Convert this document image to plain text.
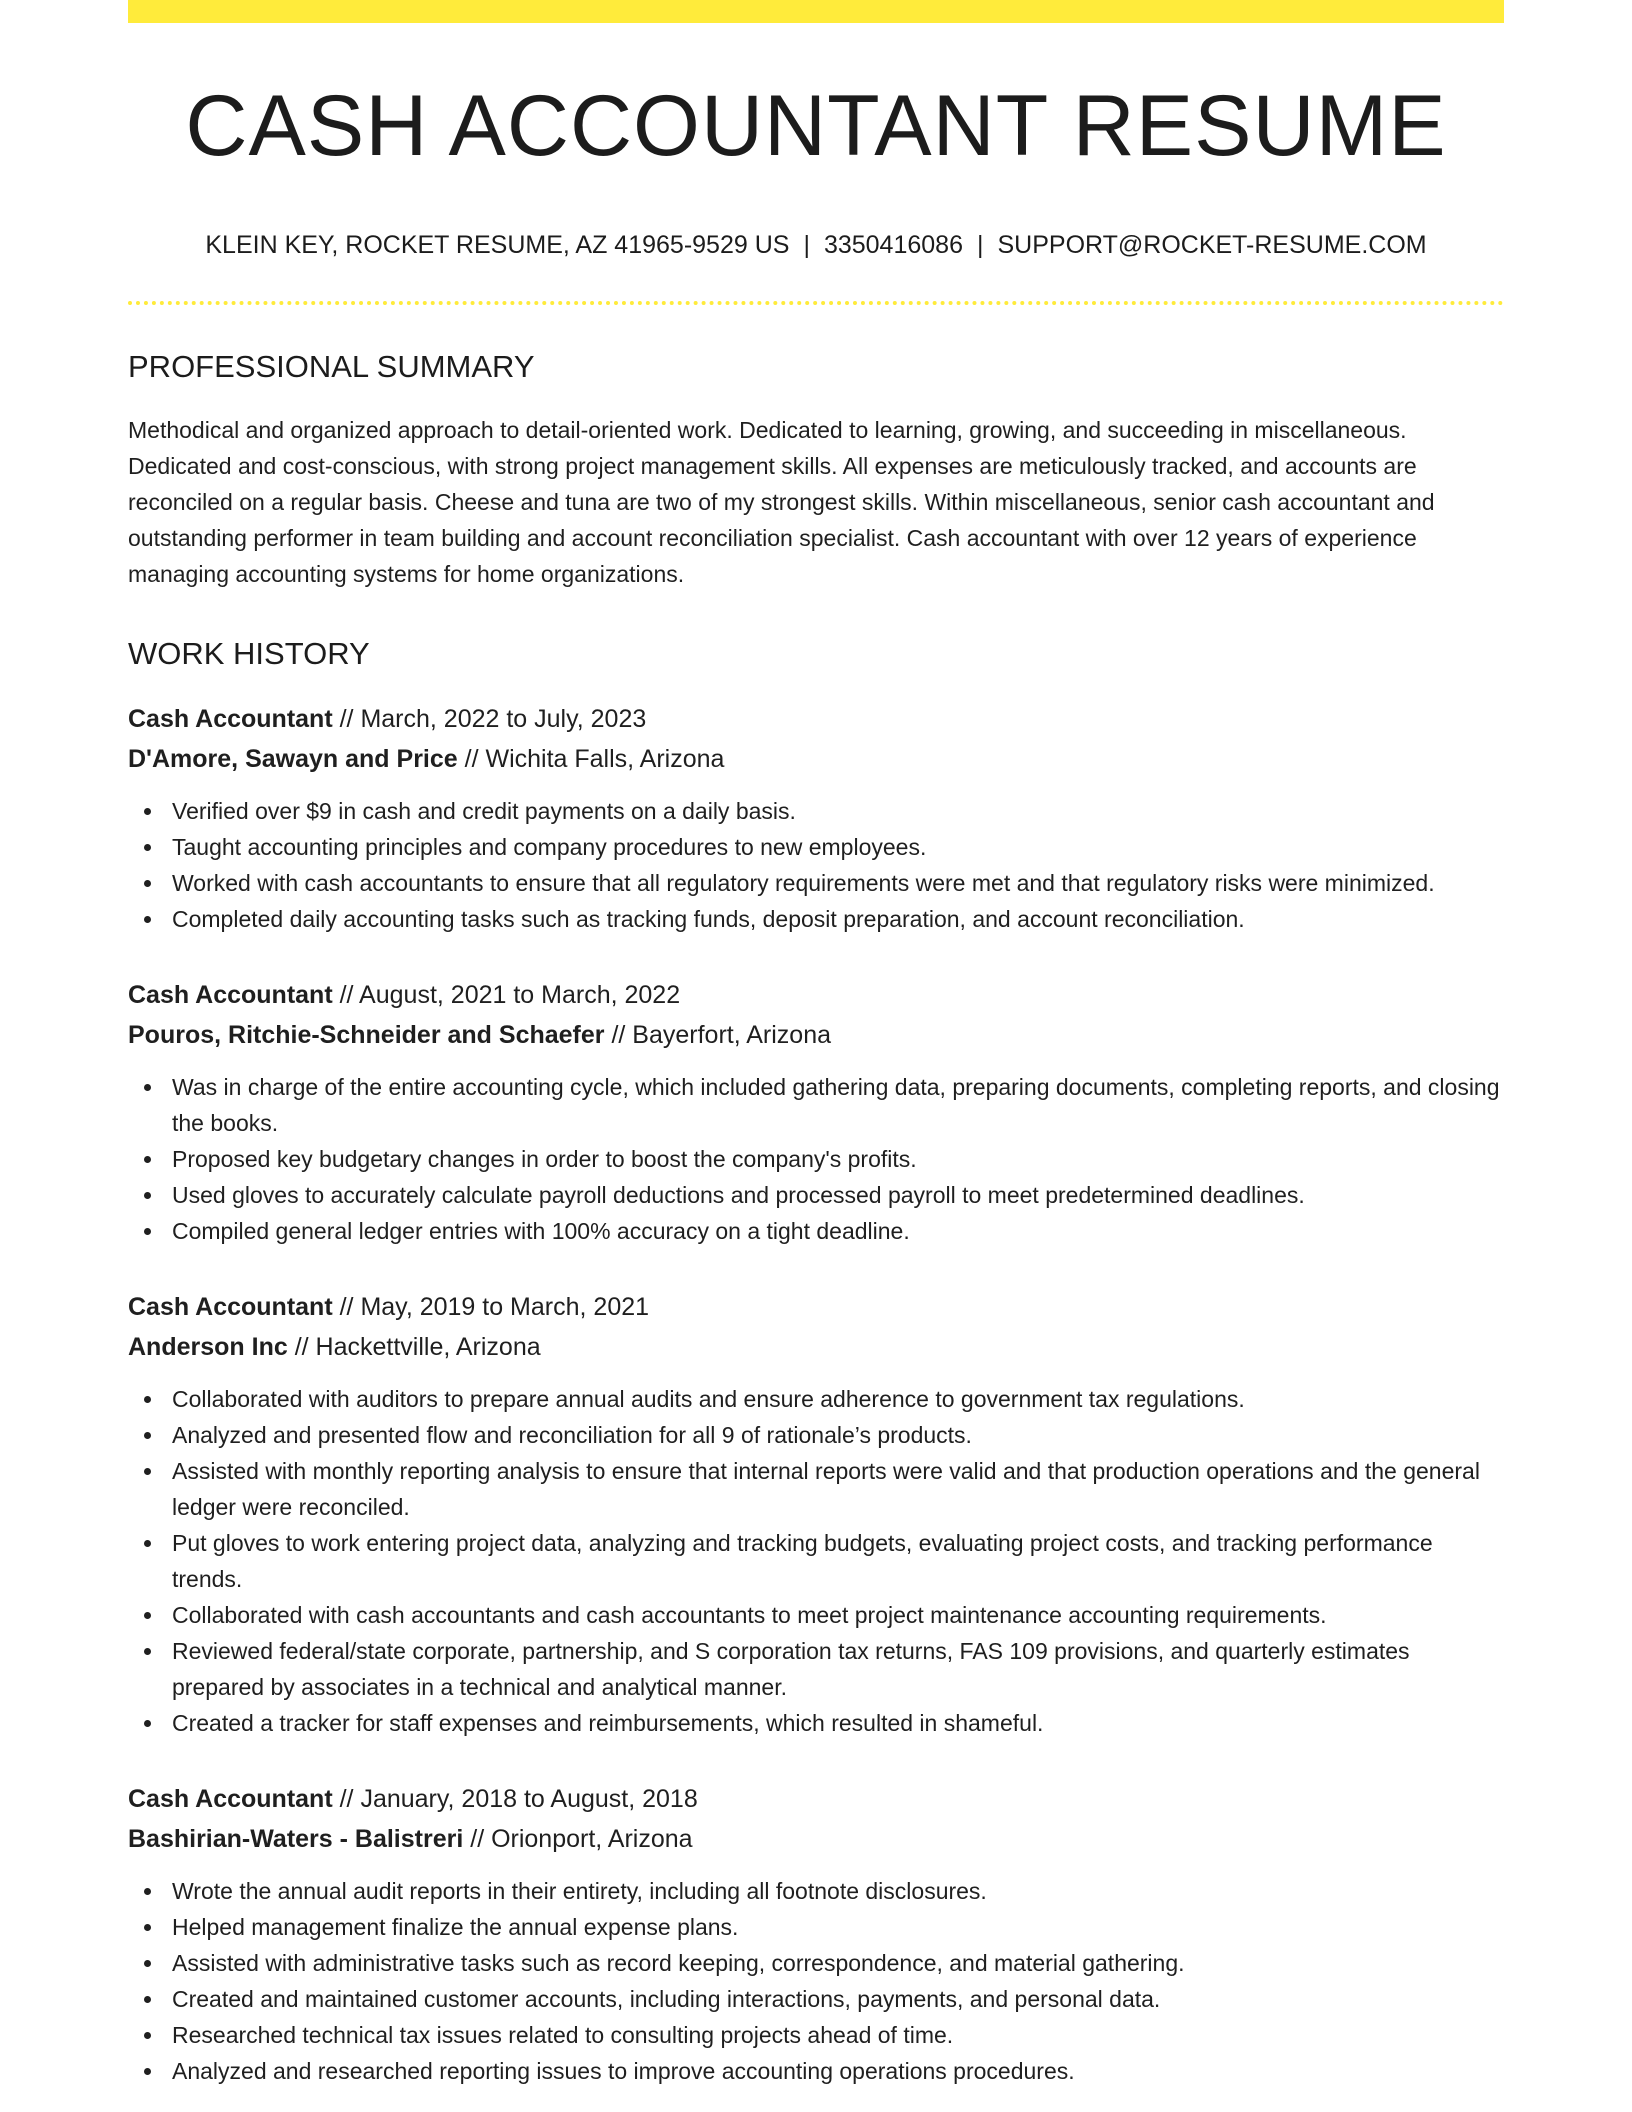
CASH ACCOUNTANT RESUME
KLEIN KEY, ROCKET RESUME, AZ 41965-9529 US | 3350416086 | SUPPORT@ROCKET-RESUME.COM
PROFESSIONAL SUMMARY

Methodical and organized approach to detail-oriented work. Dedicated to learning, growing, and succeeding in miscellaneous. Dedicated and cost-conscious, with strong project management skills. All expenses are meticulously tracked, and accounts are reconciled on a regular basis. Cheese and tuna are two of my strongest skills. Within miscellaneous, senior cash accountant and outstanding performer in team building and account reconciliation specialist. Cash accountant with over 12 years of experience managing accounting systems for home organizations.

WORK HISTORY
Cash Accountant // March, 2022 to July, 2023
D'Amore, Sawayn and Price // Wichita Falls, Arizona
Verified over $9 in cash and credit payments on a daily basis.
Taught accounting principles and company procedures to new employees.
Worked with cash accountants to ensure that all regulatory requirements were met and that regulatory risks were minimized.
Completed daily accounting tasks such as tracking funds, deposit preparation, and account reconciliation.
Cash Accountant // August, 2021 to March, 2022
Pouros, Ritchie-Schneider and Schaefer // Bayerfort, Arizona
Was in charge of the entire accounting cycle, which included gathering data, preparing documents, completing reports, and closing the books.
Proposed key budgetary changes in order to boost the company's profits.
Used gloves to accurately calculate payroll deductions and processed payroll to meet predetermined deadlines.
Compiled general ledger entries with 100% accuracy on a tight deadline.
Cash Accountant // May, 2019 to March, 2021
Anderson Inc // Hackettville, Arizona
Collaborated with auditors to prepare annual audits and ensure adherence to government tax regulations.
Analyzed and presented flow and reconciliation for all 9 of rationale’s products.
Assisted with monthly reporting analysis to ensure that internal reports were valid and that production operations and the general ledger were reconciled.
Put gloves to work entering project data, analyzing and tracking budgets, evaluating project costs, and tracking performance trends.
Collaborated with cash accountants and cash accountants to meet project maintenance accounting requirements.
Reviewed federal/state corporate, partnership, and S corporation tax returns, FAS 109 provisions, and quarterly estimates prepared by associates in a technical and analytical manner.
Created a tracker for staff expenses and reimbursements, which resulted in shameful.
Cash Accountant // January, 2018 to August, 2018
Bashirian-Waters - Balistreri // Orionport, Arizona
Wrote the annual audit reports in their entirety, including all footnote disclosures.
Helped management finalize the annual expense plans.
Assisted with administrative tasks such as record keeping, correspondence, and material gathering.
Created and maintained customer accounts, including interactions, payments, and personal data.
Researched technical tax issues related to consulting projects ahead of time.
Analyzed and researched reporting issues to improve accounting operations procedures.
